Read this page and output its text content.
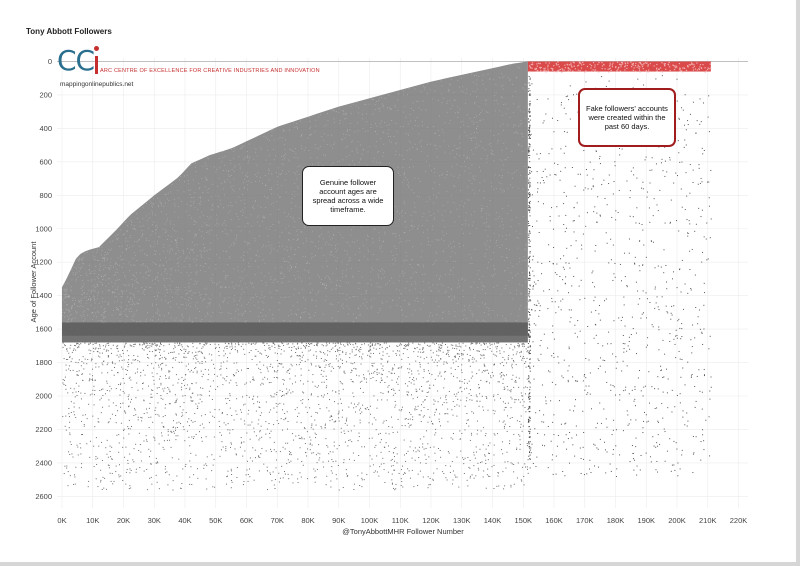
Tony Abbott Followers
0
200
400
600
800
1000
1200
1400
1600
1800
2000
2200
2400
2600
0K	10K 20K 30K 40K 50K 60K 70K 80K 90K 100K 110K 120K 130K 140K 150K 160K 170K 180K 190K 200K 210K 220K
@TonyAbbottMHR Follower Number
Age of Follower Account
CC ARC CENTRE OF EXCELLENCE FOR CREATIVE INDUSTRIES AND INNOVATION
mappingonlinepublics.net
Genuine follower account ages are spread across a wide timeframe.
Fake followers' accounts were created within the past 60 days.
